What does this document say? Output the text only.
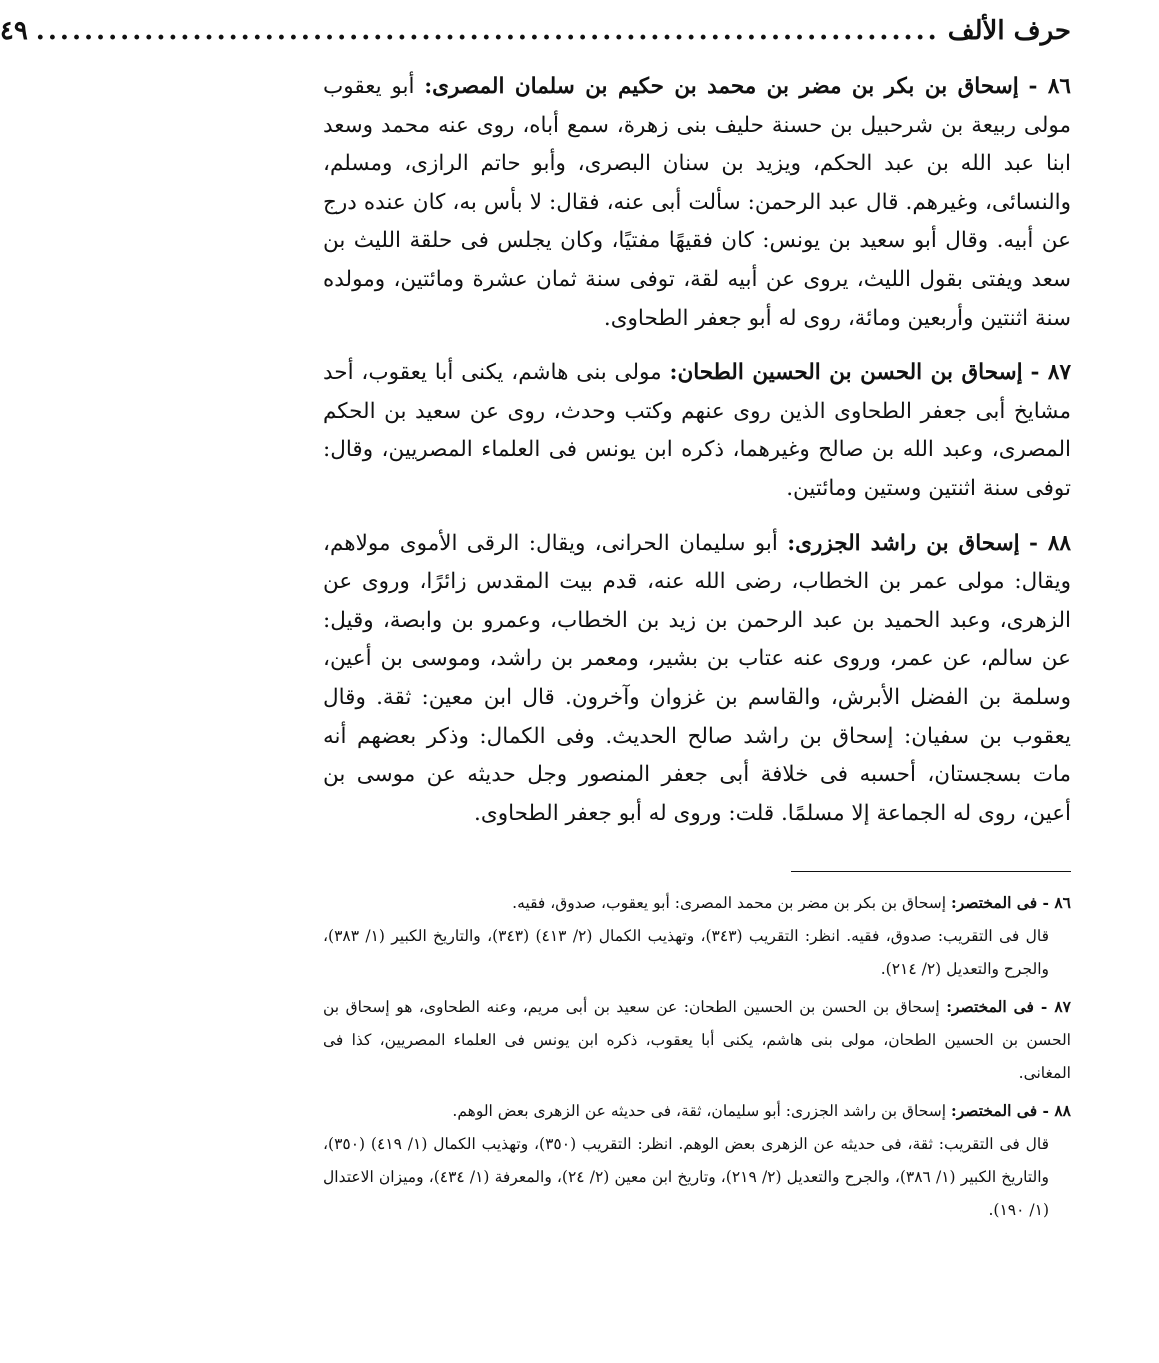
حرف الألف
...........................................................................
٤٩

٨٦ - إسحاق بن بكر بن مضر بن محمد بن حكيم بن سلمان المصرى: أبو يعقوب مولى ربيعة بن شرحبيل بن حسنة حليف بنى زهرة، سمع أباه، روى عنه محمد وسعد ابنا عبد الله بن عبد الحكم، ويزيد بن سنان البصرى، وأبو حاتم الرازى، ومسلم، والنسائى، وغيرهم. قال عبد الرحمن: سألت أبى عنه، فقال: لا بأس به، كان عنده درج عن أبيه. وقال أبو سعيد بن يونس: كان فقيهًا مفتيًا، وكان يجلس فى حلقة الليث بن سعد ويفتى بقول الليث، يروى عن أبيه لقة، توفى سنة ثمان عشرة ومائتين، ومولده سنة اثنتين وأربعين ومائة، روى له أبو جعفر الطحاوى.

٨٧ - إسحاق بن الحسن بن الحسين الطحان: مولى بنى هاشم، يكنى أبا يعقوب، أحد مشايخ أبى جعفر الطحاوى الذين روى عنهم وكتب وحدث، روى عن سعيد بن الحكم المصرى، وعبد الله بن صالح وغيرهما، ذكره ابن يونس فى العلماء المصريين، وقال: توفى سنة اثنتين وستين ومائتين.

٨٨ - إسحاق بن راشد الجزرى: أبو سليمان الحرانى، ويقال: الرقى الأموى مولاهم، ويقال: مولى عمر بن الخطاب، رضى الله عنه، قدم بيت المقدس زائرًا، وروى عن الزهرى، وعبد الحميد بن عبد الرحمن بن زيد بن الخطاب، وعمرو بن وابصة، وقيل: عن سالم، عن عمر، وروى عنه عتاب بن بشير، ومعمر بن راشد، وموسى بن أعين، وسلمة بن الفضل الأبرش، والقاسم بن غزوان وآخرون. قال ابن معين: ثقة. وقال يعقوب بن سفيان: إسحاق بن راشد صالح الحديث. وفى الكمال: وذكر بعضهم أنه مات بسجستان، أحسبه فى خلافة أبى جعفر المنصور وجل حديثه عن موسى بن أعين، روى له الجماعة إلا مسلمًا. قلت: وروى له أبو جعفر الطحاوى.

٨٦ - فى المختصر: إسحاق بن بكر بن مضر بن محمد المصرى: أبو يعقوب، صدوق، فقيه.
قال فى التقريب: صدوق، فقيه. انظر: التقريب (٣٤٣)، وتهذيب الكمال (٢/ ٤١٣) (٣٤٣)، والتاريخ الكبير (١/ ٣٨٣)، والجرح والتعديل (٢/ ٢١٤).
٨٧ - فى المختصر: إسحاق بن الحسن بن الحسين الطحان: عن سعيد بن أبى مريم، وعنه الطحاوى، هو إسحاق بن الحسن بن الحسين الطحان، مولى بنى هاشم، يكنى أبا يعقوب، ذكره ابن يونس فى العلماء المصريين، كذا فى المغانى.
٨٨ - فى المختصر: إسحاق بن راشد الجزرى: أبو سليمان، ثقة، فى حديثه عن الزهرى بعض الوهم.
قال فى التقريب: ثقة، فى حديثه عن الزهرى بعض الوهم. انظر: التقريب (٣٥٠)، وتهذيب الكمال (١/ ٤١٩) (٣٥٠)، والتاريخ الكبير (١/ ٣٨٦)، والجرح والتعديل (٢/ ٢١٩)، وتاريخ ابن معين (٢/ ٢٤)، والمعرفة (١/ ٤٣٤)، وميزان الاعتدال (١/ ١٩٠).
